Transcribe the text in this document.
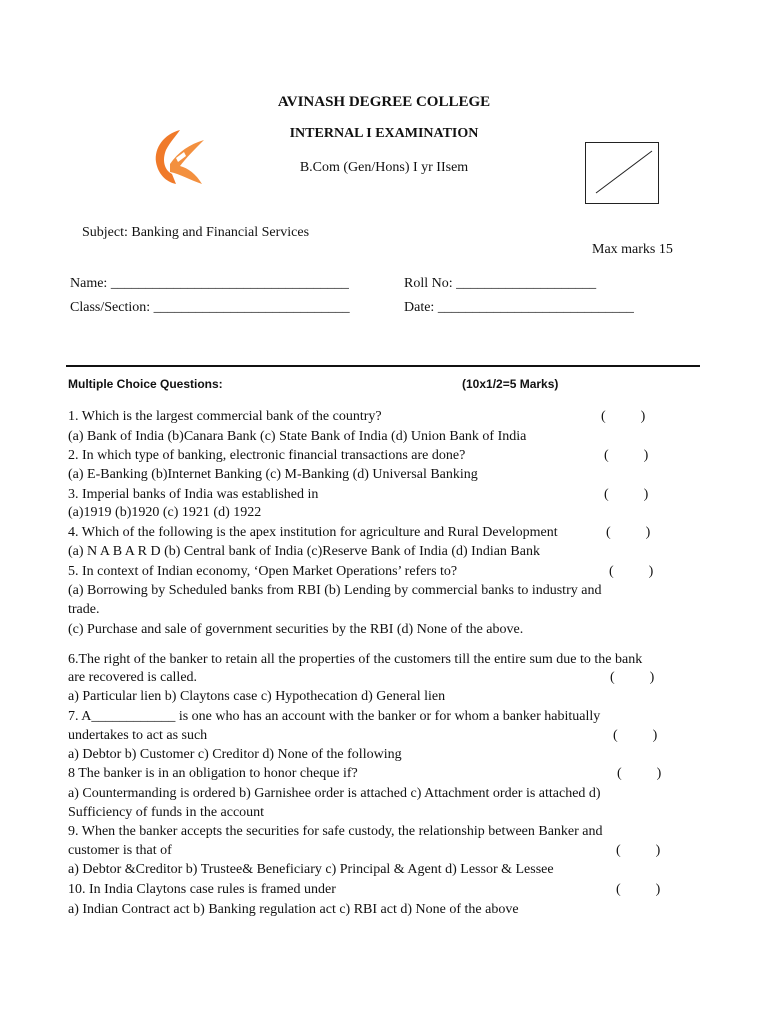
AVINASH DEGREE COLLEGE
INTERNAL I EXAMINATION
B.Com (Gen/Hons) I yr IIsem
Subject: Banking and Financial Services
Max marks 15
Name: __________________________________	Roll No: ____________________
Class/Section: ____________________________	Date: ____________________________
Multiple Choice Questions:	(10x1/2=5 Marks)
1. Which is the largest commercial bank of the country?
(a) Bank of India (b)Canara Bank (c) State Bank of India (d) Union Bank of India
(          )
2. In which type of banking, electronic financial transactions are done?
(a) E-Banking (b)Internet Banking (c) M-Banking (d) Universal Banking
(          )
3. Imperial banks of India was established in
(a)1919 (b)1920 (c) 1921 (d) 1922
(          )
4. Which of the following is the apex institution for agriculture and Rural Development
(a) N A B A R D (b) Central bank of India (c)Reserve Bank of India (d) Indian Bank
(          )
5. In context of Indian economy, ‘Open Market Operations’ refers to?
(a) Borrowing by Scheduled banks from RBI (b) Lending by commercial banks to industry and
trade.
(c) Purchase and sale of government securities by the RBI (d) None of the above.
(          )
6.The right of the banker to retain all the properties of the customers till the entire sum due to the bank
are recovered is called.
a) Particular lien b) Claytons case c) Hypothecation d) General lien
(          )
7. A____________ is one who has an account with the banker or for whom a banker habitually
undertakes to act as such
a) Debtor b) Customer c) Creditor d) None of the following
(          )
8 The banker is in an obligation to honor cheque if?
a) Countermanding is ordered b) Garnishee order is attached c) Attachment order is attached d)
Sufficiency of funds in the account
(          )
9. When the banker accepts the securities for safe custody, the relationship between Banker and
customer is that of
a) Debtor &Creditor b) Trustee& Beneficiary c) Principal & Agent d) Lessor & Lessee
(          )
10. In India Claytons case rules is framed under
a) Indian Contract act b) Banking regulation act c) RBI act d) None of the above
(          )
